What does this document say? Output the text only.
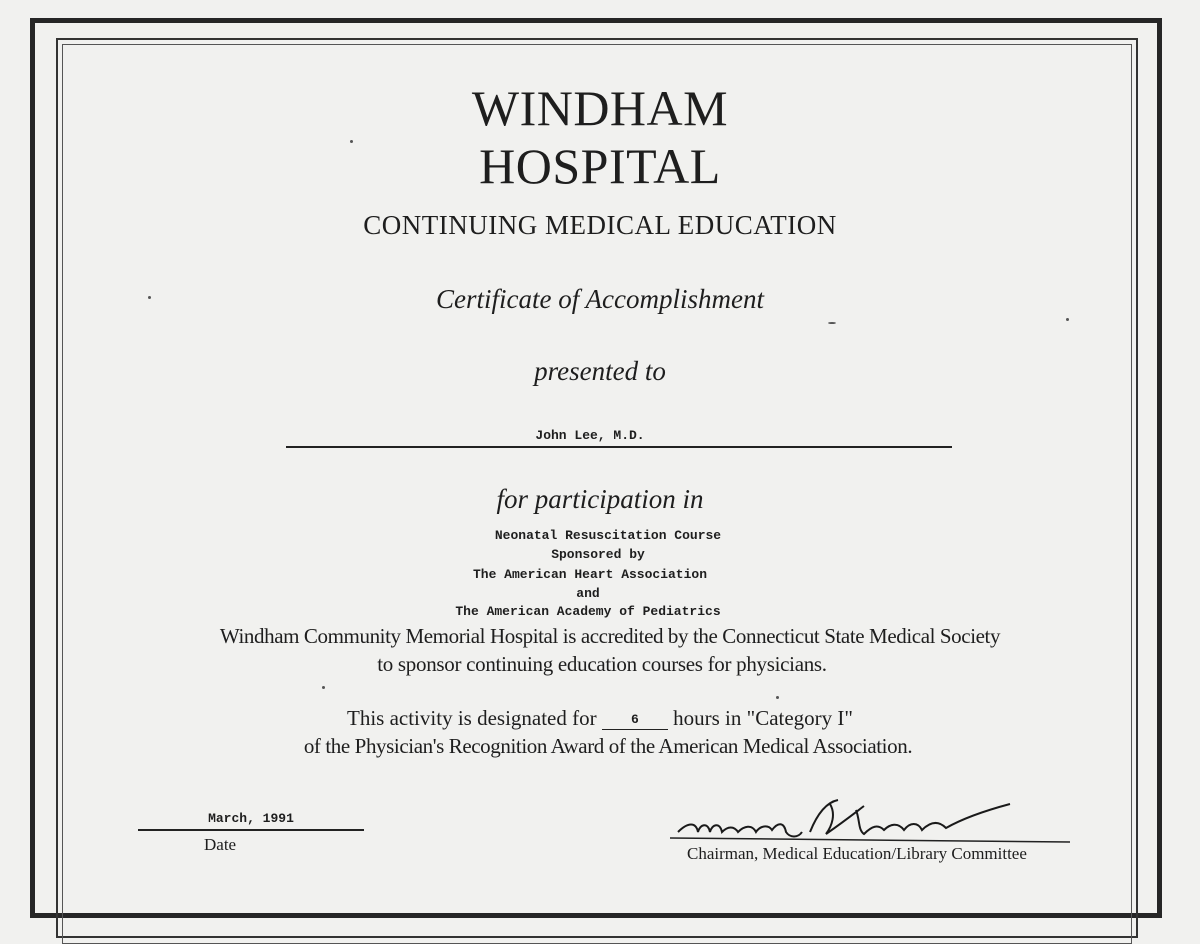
WINDHAM
HOSPITAL
CONTINUING MEDICAL EDUCATION
Certificate of Accomplishment
presented to
John Lee, M.D.
for participation in
Neonatal Resuscitation Course
Sponsored by
The American Heart Association
and
The American Academy of Pediatrics
Windham Community Memorial Hospital is accredited by the Connecticut State Medical Society
to sponsor continuing education courses for physicians.
This activity is designated for	6 hours in "Category I"
of the Physician's Recognition Award of the American Medical Association.
March, 1991
Date	Chairman, Medical Education/Library Committee
